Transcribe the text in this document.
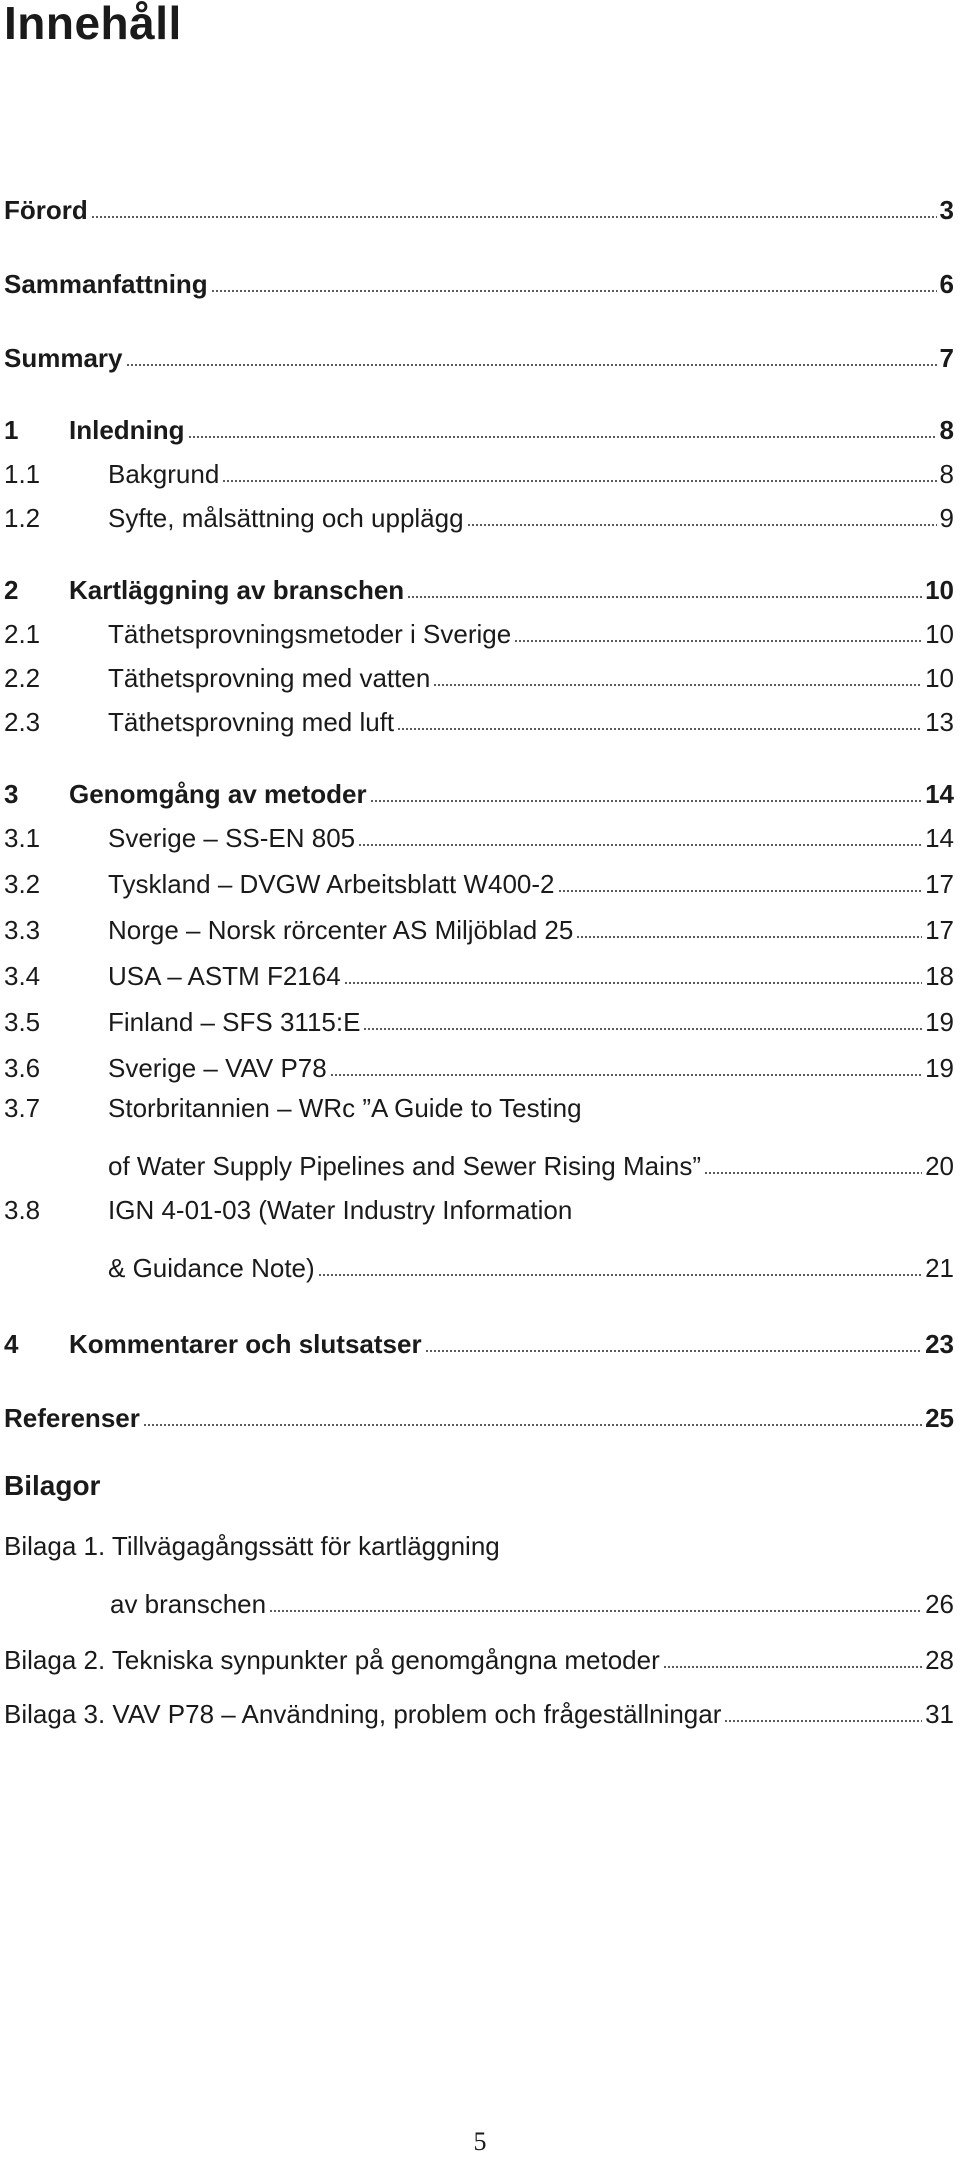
Innehåll
Förord	3
Sammanfattning	6
Summary	7
1	Inledning	8
1.1	Bakgrund	8
1.2	Syfte, målsättning och upplägg	9
2	Kartläggning av branschen	10
2.1	Täthetsprovningsmetoder i Sverige	10
2.2	Täthetsprovning med vatten	10
2.3	Täthetsprovning med luft	13
3	Genomgång av metoder	14
3.1	Sverige – SS-EN 805	14
3.2	Tyskland – DVGW Arbeitsblatt W400-2	17
3.3	Norge – Norsk rörcenter AS Miljöblad 25	17
3.4	USA – ASTM F2164	18
3.5	Finland – SFS 3115:E	19
3.6	Sverige – VAV P78	19
3.7	Storbritannien – WRc ”A Guide to Testing
of Water Supply Pipelines and Sewer Rising Mains”	20
3.8	IGN 4-01-03 (Water Industry Information
& Guidance Note)	21
4	Kommentarer och slutsatser	23
Referenser	25
Bilagor
Bilaga 1. Tillvägagångssätt för kartläggning
av branschen	26
Bilaga 2. Tekniska synpunkter på genomgångna metoder	28
Bilaga 3. VAV P78 – Användning, problem och frågeställningar	31
5
